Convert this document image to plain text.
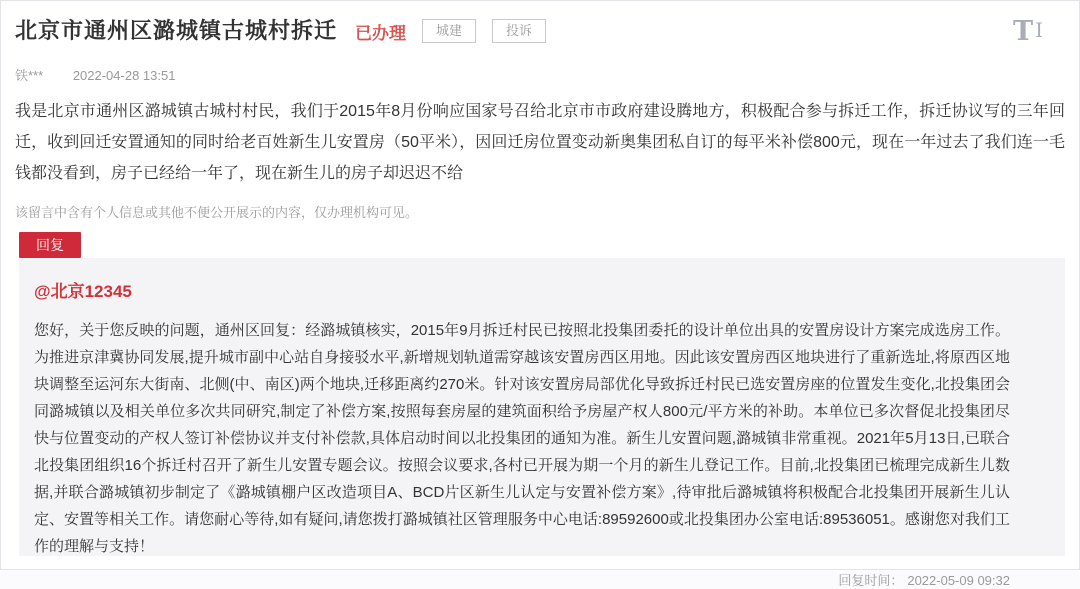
北京市通州区潞城镇古城村拆迁 已办理	城建	投诉	T I
铁*** 2022-04-28 13:51
我是北京市通州区潞城镇古城村村民，我们于2015年8月份响应国家号召给北京市市政府建设腾地方，积极配合参与拆迁工作，拆迁协议写的三年回迁，收到回迁安置通知的同时给老百姓新生儿安置房（50平米），因回迁房位置变动新奥集团私自订的每平米补偿800元，现在一年过去了我们连一毛钱都没看到，房子已经给一年了，现在新生儿的房子却迟迟不给
该留言中含有个人信息或其他不便公开展示的内容，仅办理机构可见。
回复
@北京12345
您好，关于您反映的问题，通州区回复：经潞城镇核实，2015年9月拆迁村民已按照北投集团委托的设计单位出具的安置房设计方案完成选房工作。为推进京津冀协同发展,提升城市副中心站自身接驳水平,新增规划轨道需穿越该安置房西区用地。因此该安置房西区地块进行了重新选址,将原西区地块调整至运河东大街南、北侧(中、南区)两个地块,迁移距离约270米。针对该安置房局部优化导致拆迁村民已选安置房座的位置发生变化,北投集团会同潞城镇以及相关单位多次共同研究,制定了补偿方案,按照每套房屋的建筑面积给予房屋产权人800元/平方米的补助。本单位已多次督促北投集团尽快与位置变动的产权人签订补偿协议并支付补偿款,具体启动时间以北投集团的通知为准。新生儿安置问题,潞城镇非常重视。2021年5月13日,已联合北投集团组织16个拆迁村召开了新生儿安置专题会议。按照会议要求,各村已开展为期一个月的新生儿登记工作。目前,北投集团已梳理完成新生儿数据,并联合潞城镇初步制定了《潞城镇棚户区改造项目A、BCD片区新生儿认定与安置补偿方案》,待审批后潞城镇将积极配合北投集团开展新生儿认定、安置等相关工作。请您耐心等待,如有疑问,请您拨打潞城镇社区管理服务中心电话:89592600或北投集团办公室电话:89536051。感谢您对我们工作的理解与支持！
回复时间： 2022-05-09 09:32
